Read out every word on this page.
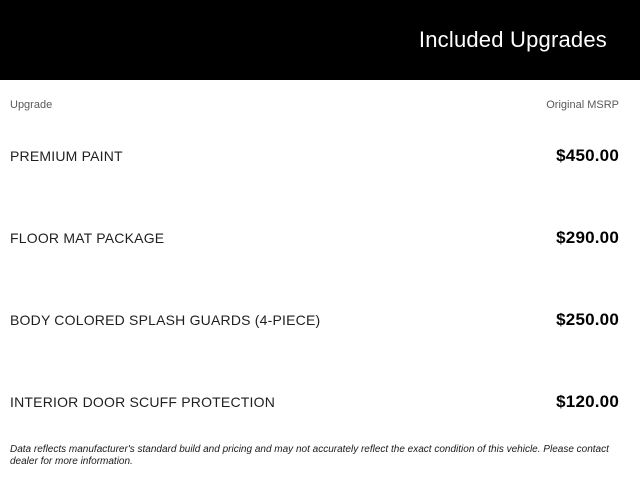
Included Upgrades
Upgrade	Original MSRP
PREMIUM PAINT	$450.00
FLOOR MAT PACKAGE	$290.00
BODY COLORED SPLASH GUARDS (4-PIECE)	$250.00
INTERIOR DOOR SCUFF PROTECTION	$120.00

Data reflects manufacturer's standard build and pricing and may not accurately reflect the exact condition of this vehicle. Please contact dealer for more information.
